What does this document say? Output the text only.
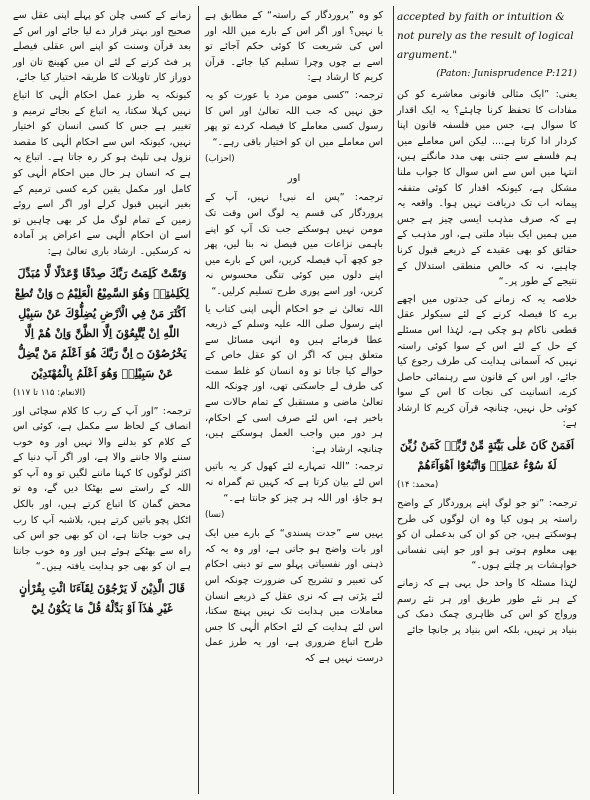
accepted by faith or intuition & not purely as the result of logical argument."

(Paton: Junisprudence P:121)

یعنی: ”ایک مثالی قانونی معاشرے کو کن مفادات کا تحفظ کرنا چاہئے؟ یہ ایک اقدار کا سوال ہے، جس میں فلسفہ قانون اپنا کردار ادا کرتا ہے.... لیکن اس معاملے میں ہم فلسفے سے جتنی بھی مدد مانگتے ہیں، انتہا میں اس سے اس سوال کا جواب ملنا مشکل ہے، کیونکہ اقدار کا کوئی متفقہ پیمانہ اب تک دریافت نہیں ہوا۔ واقعہ یہ ہے کہ صرف مذہب ایسی چیز ہے جس میں ہمیں ایک بنیاد ملتی ہے، اور مذہب کے حقائق کو بھی عقیدے کے ذریعے قبول کرنا چاہیے، نہ کہ خالص منطقی استدلال کے نتیجے کے طور پر۔“

خلاصہ یہ کہ زمانے کی جدتوں میں اچھے برے کا فیصلہ کرنے کے لئے سیکولر عقل قطعی ناکام ہو چکی ہے، لہٰذا اس مسئلے کے حل کے لئے اس کے سوا کوئی راستہ نہیں کہ آسمانی ہدایت کی طرف رجوع کیا جائے، اور اس کے قانون سے رہنمائی حاصل کرے، انسانیت کی نجات کا اس کے سوا کوئی حل نہیں، چنانچہ قرآن کریم کا ارشاد ہے:

اَفَمَنْ كَانَ عَلٰى بَيِّنَةٍ مِّنْ رَّبِّهٖ كَمَنْ زُيِّنَ لَهٗ سُوْٓءُ عَمَلِهٖ وَاتَّبَعُوْٓا اَهْوَآءَهُمْ

(محمد: ۱۴)

ترجمہ: ”تو جو لوگ اپنے پروردگار کے واضح راستہ پر ہوں کیا وہ ان لوگوں کی طرح ہوسکتے ہیں، جن کو ان کی بدعملی ان کو بھی معلوم ہوتی ہو اور جو اپنی نفسانی خواہشات پر چلتے ہوں۔“

لہٰذا مسئلہ کا واحد حل یہی ہے کہ زمانے کے ہر نئے طور طریق اور ہر نئے رسم ورواج کو اس کی ظاہری چمک دمک کی بنیاد پر نہیں، بلکہ اس بنیاد پر جانچا جائے

کو وہ ”پروردگار کے راستہ“ کے مطابق ہے یا نہیں؟ اور اگر اس کے بارے میں اللہ اور اس کی شریعت کا کوئی حکم آجائے تو اسے بے چوں وچرا تسلیم کیا جائے۔ قرآن کریم کا ارشاد ہے:

ترجمہ: ”کسی مومن مرد یا عورت کو یہ حق نہیں کہ جب اللہ تعالیٰ اور اس کا رسول کسی معاملے کا فیصلہ کردے تو پھر اس معاملے میں ان کو اختیار باقی رہے۔“

(احزاب)

اور

ترجمہ: ”پس اے نبی! نہیں، آپ کے پروردگار کی قسم یہ لوگ اس وقت تک مومن نہیں ہوسکتے جب تک آپ کو اپنے باہمی نزاعات میں فیصل نہ بنا لیں، پھر جو کچھ آپ فیصلہ کریں، اس کے بارے میں اپنے دلوں میں کوئی تنگی محسوس نہ کریں، اور اسے پوری طرح تسلیم کرلیں۔“

اللہ تعالیٰ نے جو احکام الٰہی اپنی کتاب یا اپنے رسول صلی اللہ علیہ وسلم کے ذریعہ عطا فرمائے ہیں وہ انہی مسائل سے متعلق ہیں کہ اگر ان کو عقل خاص کے حوالے کیا جاتا تو وہ انسان کو غلط سمت کی طرف لے جاسکتی تھی، اور چونکہ اللہ تعالیٰ ماضی و مستقبل کے تمام حالات سے باخبر ہے، اس لئے صرف اسی کے احکام، ہر دور میں واجب العمل ہوسکتے ہیں، چنانچہ ارشاد ہے:

ترجمہ: ”اللہ تمہارے لئے کھول کر یہ باتیں اس لئے بیان کرتا ہے کہ کہیں تم گمراہ نہ ہو جاؤ، اور اللہ ہر چیز کو جانتا ہے۔“

(نسا)

یہیں سے ”جدت پسندی“ کے بارے میں ایک اور بات واضح ہو جاتی ہے، اور وہ یہ کہ ذہنی اور نفسیاتی پہلو سے تو دینی احکام کی تعبیر و تشریح کی ضرورت چونکہ اس لئے پڑتی ہے کہ نری عقل کے ذریعے انسان معاملات میں ہدایت تک نہیں پہنچ سکتا، اس لئے ہدایت کے لئے احکام الٰہی کا جس طرح اتباع ضروری ہے، اور یہ طرز عمل درست نہیں ہے کہ

زمانے کے کسی چلن کو پہلے اپنی عقل سے صحیح اور بہتر قرار دے لیا جائے اور اس کے بعد قرآن وسنت کو اپنے اس عقلی فیصلے پر فٹ کرنے کے لئے ان میں کھینچ تان اور دوراز کار تاویلات کا طریقہ اختیار کیا جائے،

کیونکہ یہ طرز عمل احکام الٰہی کا اتباع نہیں کہلا سکتا، یہ اتباع کے بجائے ترمیم و تغییر ہے جس کا کسی انسان کو اختیار نہیں، کیونکہ اس سے احکام الٰہی کا مقصد نزول ہی تلپٹ ہو کر رہ جاتا ہے۔ اتباع یہ ہے کہ انسان ہر حال میں احکام الٰہی کو کامل اور مکمل یقین کرے کسی ترمیم کے بغیر انہیں قبول کرلے اور اگر اسے روئے زمین کے تمام لوگ مل کر بھی چاہیں تو اسے ان احکام الٰہی سے اعراض پر آمادہ نہ کرسکیں۔ ارشاد باری تعالیٰ ہے:

وَتَمَّتْ كَلِمَتُ رَبِّكَ صِدْقًا وَّعَدْلًا لَّا مُبَدِّلَ لِكَلِمٰتِهٖ وَهُوَ السَّمِيْعُ الْعَلِيْمُ ۝ وَاِنْ تُطِعْ اَكْثَرَ مَنْ فِي الْاَرْضِ يُضِلُّوْكَ عَنْ سَبِيْلِ اللّٰهِ اِنْ يَّتَّبِعُوْنَ اِلَّا الظَّنَّ وَاِنْ هُمْ اِلَّا يَخْرُصُوْنَ ۝ اِنَّ رَبَّكَ هُوَ اَعْلَمُ مَنْ يَّضِلُّ عَنْ سَبِيْلِهٖ وَهُوَ اَعْلَمُ بِالْمُهْتَدِيْنَ

(الانعام: ۱۱۵ تا ۱۱۷)

ترجمہ: ”اور آپ کے رب کا کلام سچائی اور انصاف کے لحاظ سے مکمل ہے، کوئی اس کے کلام کو بدلنے والا نہیں اور وہ خوب سننے والا جاننے والا ہے، اور اگر آپ دنیا کے اکثر لوگوں کا کہنا ماننے لگیں تو وہ آپ کو اللہ کے راستے سے بھٹکا دیں گے، وہ تو محض گمان کا اتباع کرتے ہیں، اور بالکل اٹکل پچو باتیں کرتے ہیں، بلاشبہ آپ کا رب ہی خوب جانتا ہے، ان کو بھی جو اس کی راہ سے بھٹکے ہوئے ہیں اور وہ خوب جانتا ہے ان کو بھی جو ہدایت یافتہ ہیں۔“

قَالَ الَّذِيْنَ لَا يَرْجُوْنَ لِقَآءَنَا ائْتِ بِقُرْاٰنٍ غَيْرِ هٰذَآ اَوْ بَدِّلْهُ قُلْ مَا يَكُوْنُ لِيْٓ
